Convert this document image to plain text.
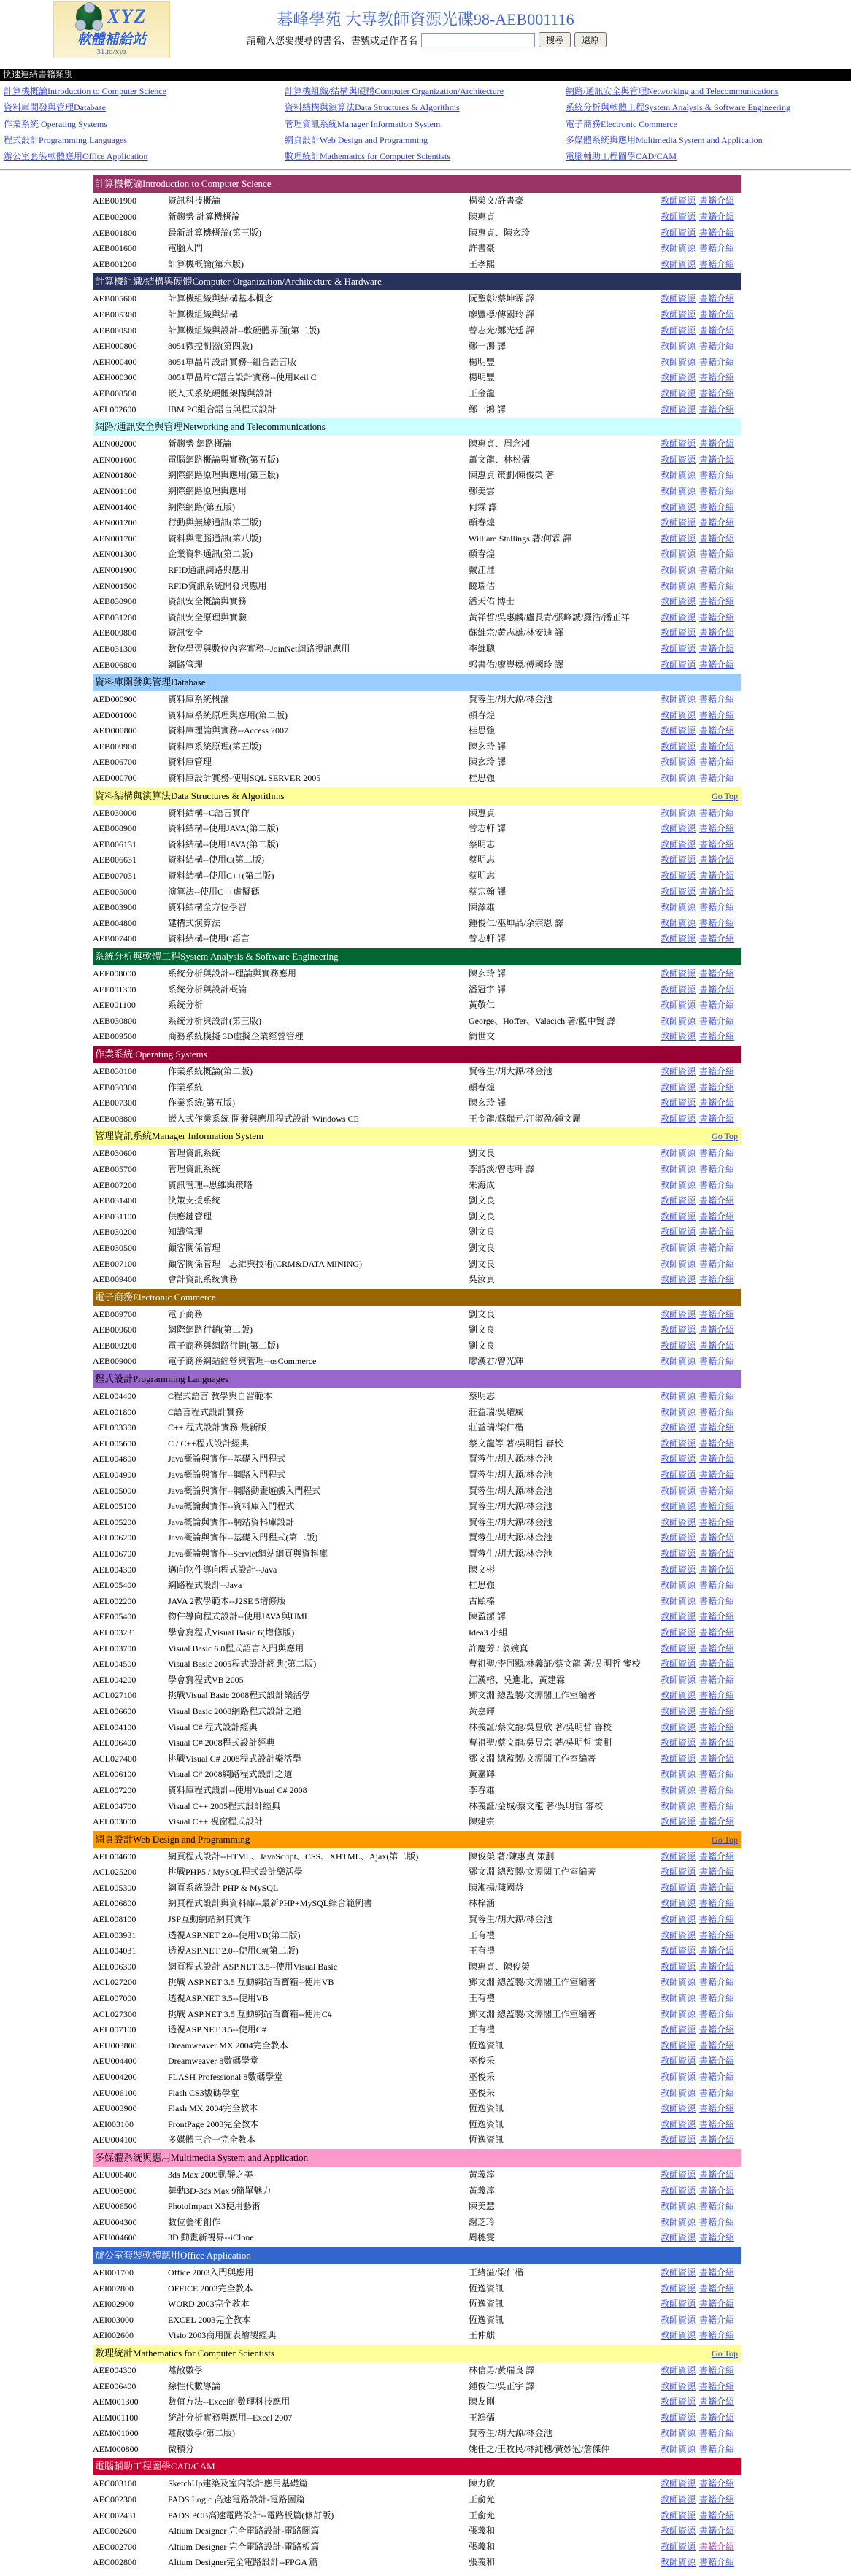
XYZ
軟體補給站
31.to/xyz
碁峰學苑 大專教師資源光碟98-AEB001116
請輸入您要搜尋的書名、書號或是作者名	搜尋	還原
快速連結書籍類別
計算機概論Introduction to Computer Science	計算機組織/結構與硬體Computer Organization/Architecture	網路/通訊安全與管理Networking and Telecommunications
資料庫開發與管理Database	資料結構與演算法Data Structures & Algorithms	系統分析與軟體工程System Analysis & Software Engineering
作業系統 Operating Systems	管理資訊系統Manager Information System	電子商務Electronic Commerce
程式設計Programming Languages	網頁設計Web Design and Programming	多媒體系統與應用Multimedia System and Application
辦公室套裝軟體應用Office Application	數理統計Mathematics for Computer Scientists	電腦輔助工程圖學CAD/CAM
計算機概論Introduction to Computer Science
AEB001900	資訊科技概論	楊榮文/許書豪	教師資源 書籍介紹
AEB002000	新趨勢 計算機概論	陳惠貞	教師資源 書籍介紹
AEB001800	最新計算機概論(第三版)	陳惠貞、陳玄玲	教師資源 書籍介紹
AEB001600	電腦入門	許書豪	教師資源 書籍介紹
AEB001200	計算機概論(第六版)	王孝熙	教師資源 書籍介紹
計算機組織/結構與硬體Computer Organization/Architecture & Hardware
AEB005600	計算機組織與結構基本概念	阮聖彰/蔡坤霖 譯	教師資源 書籍介紹
AEB005300	計算機組織與結構	廖豐標/傅國玲 譯	教師資源 書籍介紹
AEB000500	計算機組織與設計--軟硬體界面(第二版)	曾志光/鄭光廷 譯	教師資源 書籍介紹
AEH000800	8051微控制器(第四版)	鄭一鴻 譯	教師資源 書籍介紹
AEH000400	8051單晶片設計實務--組合語言版	楊明豐	教師資源 書籍介紹
AEH000300	8051單晶片C語言設計實務--使用Keil C	楊明豐	教師資源 書籍介紹
AEB008500	嵌入式系統硬體架構與設計	王金龍	教師資源 書籍介紹
AEL002600	IBM PC組合語言與程式設計	鄭一鴻 譯	教師資源 書籍介紹
網路/通訊安全與管理Networking and Telecommunications
AEN002000	新趨勢 網路概論	陳惠貞、周念湘	教師資源 書籍介紹
AEN001600	電腦網路概論與實務(第五版)	蕭文龍、林松儒	教師資源 書籍介紹
AEN001800	網際網路原理與應用(第三版)	陳惠貞 策劃/陳俊榮 著	教師資源 書籍介紹
AEN001100	網際網路原理與應用	鄭美雲	教師資源 書籍介紹
AEN001400	網際網路(第五版)	何霖 譯	教師資源 書籍介紹
AEN001200	行動與無線通訊(第三版)	顏春煌	教師資源 書籍介紹
AEN001700	資料與電腦通訊(第八版)	William Stallings 著/何霖 譯	教師資源 書籍介紹
AEN001300	企業資料通訊(第二版)	顏春煌	教師資源 書籍介紹
AEN001900	RFID通訊網路與應用	戴江淮	教師資源 書籍介紹
AEN001500	RFID資訊系統開發與應用	饒瑞佶	教師資源 書籍介紹
AEB030900	資訊安全概論與實務	潘天佑 博士	教師資源 書籍介紹
AEB031200	資訊安全原理與實驗	黃祥哲/吳惠麟/盧長青/張峰誠/羅浩/潘正祥	教師資源 書籍介紹
AEB009800	資訊安全	蘇維宗/黃志雄/林安迪 譯	教師資源 書籍介紹
AEB031300	數位學習與數位內容實務--JoinNet網路視訊應用	李維聰	教師資源 書籍介紹
AEB006800	網路管理	郭書佑/廖豐標/傅國玲 譯	教師資源 書籍介紹
資料庫開發與管理Database
AED000900	資料庫系統概論	賈蓉生/胡大源/林金池	教師資源 書籍介紹
AED001000	資料庫系統原理與應用(第二版)	顏春煌	教師資源 書籍介紹
AED000800	資料庫理論與實務--Access 2007	桂思強	教師資源 書籍介紹
AEB009900	資料庫系統原理(第五版)	陳玄玲 譯	教師資源 書籍介紹
AEB006700	資料庫管理	陳玄玲 譯	教師資源 書籍介紹
AED000700	資料庫設計實務-使用SQL SERVER 2005	桂思強	教師資源 書籍介紹
資料結構與演算法Data Structures & Algorithms	Go Top
AEB030000	資料結構--C語言實作	陳惠貞	教師資源 書籍介紹
AEB008900	資料結構--使用JAVA(第二版)	曾志軒 譯	教師資源 書籍介紹
AEB006131	資料結構--使用JAVA(第二版)	蔡明志	教師資源 書籍介紹
AEB006631	資料結構--使用C(第二版)	蔡明志	教師資源 書籍介紹
AEB007031	資料結構--使用C++(第二版)	蔡明志	教師資源 書籍介紹
AEB005000	演算法--使用C++虛擬碼	蔡宗翰 譯	教師資源 書籍介紹
AEB003900	資料結構全方位學習	陳澤雄	教師資源 書籍介紹
AEB004800	建構式演算法	鍾俊仁/巫坤品/余宗恩 譯	教師資源 書籍介紹
AEB007400	資料結構--使用C語言	曾志軒 譯	教師資源 書籍介紹
系統分析與軟體工程System Analysis & Software Engineering
AEE008000	系統分析與設計--理論與實務應用	陳玄玲 譯	教師資源 書籍介紹
AEE001300	系統分析與設計概論	潘冠宇 譯	教師資源 書籍介紹
AEE001100	系統分析	黃敬仁	教師資源 書籍介紹
AEB030800	系統分析與設計(第三版)	George、Hoffer、Valacich 著/藍中賢 譯	教師資源 書籍介紹
AEB009500	商務系統模擬 3D虛擬企業經營管理	簡世文	教師資源 書籍介紹
作業系統 Operating Systems
AEB030100	作業系統概論(第二版)	賈蓉生/胡大源/林金池	教師資源 書籍介紹
AEB030300	作業系統	顏春煌	教師資源 書籍介紹
AEB007300	作業系統(第五版)	陳玄玲 譯	教師資源 書籍介紹
AEB008800	嵌入式作業系統 開發與應用程式設計 Windows CE	王金龍/蘇瑞元/江淑盈/鍾文麗	教師資源 書籍介紹
管理資訊系統Manager Information System	Go Top
AEB030600	管理資訊系統	劉文良	教師資源 書籍介紹
AEB005700	管理資訊系統	李詩淡/曾志軒 譯	教師資源 書籍介紹
AEB007200	資訊管理--思維與策略	朱海成	教師資源 書籍介紹
AEB031400	決策支援系統	劉文良	教師資源 書籍介紹
AEB031100	供應鏈管理	劉文良	教師資源 書籍介紹
AEB030200	知識管理	劉文良	教師資源 書籍介紹
AEB030500	顧客關係管理	劉文良	教師資源 書籍介紹
AEB007100	顧客關係管理—思維與技術(CRM&DATA MINING)	劉文良	教師資源 書籍介紹
AEB009400	會計資訊系統實務	吳汝貞	教師資源 書籍介紹
電子商務Electronic Commerce
AEB009700	電子商務	劉文良	教師資源 書籍介紹
AEB009600	網際網路行銷(第二版)	劉文良	教師資源 書籍介紹
AEB009200	電子商務與網路行銷(第二版)	劉文良	教師資源 書籍介紹
AEB009000	電子商務網站經營與管理--osCommerce	廖漢君/曾光輝	教師資源 書籍介紹
程式設計Programming Languages
AEL004400	C程式語言 教學與自習範本	蔡明志	教師資源 書籍介紹
AEL001800	C語言程式設計實務	莊益瑞/吳耀威	教師資源 書籍介紹
AEL003300	C++ 程式設計實務 最新版	莊益瑞/梁仁楷	教師資源 書籍介紹
AEL005600	C / C++程式設計經典	蔡文龍等 著/吳明哲 審校	教師資源 書籍介紹
AEL004800	Java概論與實作--基礎入門程式	賈蓉生/胡大源/林金池	教師資源 書籍介紹
AEL004900	Java概論與實作--網路入門程式	賈蓉生/胡大源/林金池	教師資源 書籍介紹
AEL005000	Java概論與實作--網路動畫遊戲入門程式	賈蓉生/胡大源/林金池	教師資源 書籍介紹
AEL005100	Java概論與實作--資料庫入門程式	賈蓉生/胡大源/林金池	教師資源 書籍介紹
AEL005200	Java概論與實作--網站資料庫設計	賈蓉生/胡大源/林金池	教師資源 書籍介紹
AEL006200	Java概論與實作--基礎入門程式(第二版)	賈蓉生/胡大源/林金池	教師資源 書籍介紹
AEL006700	Java概論與實作--Servlet網站網頁與資料庫	賈蓉生/胡大源/林金池	教師資源 書籍介紹
AEL004300	邁向物件導向程式設計--Java	陳文彬	教師資源 書籍介紹
AEL005400	網路程式設計--Java	桂思強	教師資源 書籍介紹
AEL002200	JAVA 2教學範本--J2SE 5增修版	古頤榛	教師資源 書籍介紹
AEE005400	物件導向程式設計--使用JAVA與UML	陳盈潔 譯	教師資源 書籍介紹
AEL003231	學會寫程式Visual Basic 6(增修版)	Idea3 小組	教師資源 書籍介紹
AEL003700	Visual Basic 6.0程式語言入門與應用	許慶芳 / 翁婉真	教師資源 書籍介紹
AEL004500	Visual Basic 2005程式設計經典(第二版)	曹祖聖/李同顯/林義証/蔡文龍 著/吳明哲 審校	教師資源 書籍介紹
AEL004200	學會寫程式VB 2005	江漢榕、吳進北、黃建霖	教師資源 書籍介紹
ACL027100	挑戰Visual Basic 2008程式設計樂活學	鄧文淵 總監製/文淵閣工作室編著	教師資源 書籍介紹
AEL006600	Visual Basic 2008網路程式設計之道	黃嘉輝	教師資源 書籍介紹
AEL004100	Visual C# 程式設計經典	林義証/蔡文龍/吳昱欣 著/吳明哲 審校	教師資源 書籍介紹
AEL006400	Visual C# 2008程式設計經典	曹祖聖/蔡文龍/吳昱宗 著/吳明哲 策劃	教師資源 書籍介紹
ACL027400	挑戰Visual C# 2008程式設計樂活學	鄧文淵 總監製/文淵閣工作室編著	教師資源 書籍介紹
AEL006100	Visual C# 2008網路程式設計之道	黃嘉輝	教師資源 書籍介紹
AEL007200	資料庫程式設計--使用Visual C# 2008	李春雄	教師資源 書籍介紹
AEL004700	Visual C++ 2005程式設計經典	林義証/金城/蔡文龍 著/吳明哲 審校	教師資源 書籍介紹
AEL003000	Visual C++ 視窗程式設計	陳建宗	教師資源 書籍介紹
網頁設計Web Design and Programming	Go Top
AEL004600	網頁程式設計--HTML、JavaScript、CSS、XHTML、Ajax(第二版)	陳俊榮 著/陳惠貞 策劃	教師資源 書籍介紹
ACL025200	挑戰PHP5 / MySQL程式設計樂活學	鄧文淵 總監製/文淵閣工作室編著	教師資源 書籍介紹
AEL005300	網頁系統設計 PHP & MySQL	陳湘揚/陳國益	教師資源 書籍介紹
AEL006800	網頁程式設計與資料庫--最新PHP+MySQL綜合範例書	林梓涵	教師資源 書籍介紹
AEL008100	JSP互動網站網頁實作	賈蓉生/胡大源/林金池	教師資源 書籍介紹
AEL003931	透視ASP.NET 2.0--使用VB(第二版)	王有禮	教師資源 書籍介紹
AEL004031	透視ASP.NET 2.0--使用C#(第二版)	王有禮	教師資源 書籍介紹
AEL006300	網頁程式設計 ASP.NET 3.5--使用Visual Basic	陳惠貞、陳俊榮	教師資源 書籍介紹
ACL027200	挑戰 ASP.NET 3.5 互動網站百寶箱--使用VB	鄧文淵 總監製/文淵閣工作室編著	教師資源 書籍介紹
AEL007000	透視ASP.NET 3.5--使用VB	王有禮	教師資源 書籍介紹
ACL027300	挑戰 ASP.NET 3.5 互動網站百寶箱--使用C#	鄧文淵 總監製/文淵閣工作室編著	教師資源 書籍介紹
AEL007100	透視ASP.NET 3.5--使用C#	王有禮	教師資源 書籍介紹
AEU003800	Dreamweaver MX 2004完全教本	恆逸資訊	教師資源 書籍介紹
AEU004400	Dreamweaver 8數碼學堂	巫俊采	教師資源 書籍介紹
AEU004200	FLASH Professional 8數碼學堂	巫俊采	教師資源 書籍介紹
AEU006100	Flash CS3數碼學堂	巫俊采	教師資源 書籍介紹
AEU003900	Flash MX 2004完全教本	恆逸資訊	教師資源 書籍介紹
AEI003100	FrontPage 2003完全教本	恆逸資訊	教師資源 書籍介紹
AEU004100	多媒體三合一完全教本	恆逸資訊	教師資源 書籍介紹
多媒體系統與應用Multimedia System and Application
AEU006400	3ds Max 2009動靜之美	黃義淳	教師資源 書籍介紹
AEU005000	舞動3D-3ds Max 9簡單魅力	黃義淳	教師資源 書籍介紹
AEU006500	PhotoImpact X3使用藝術	陳美慧	教師資源 書籍介紹
AEU004300	數位藝術創作	謝芝玲	教師資源 書籍介紹
AEU004600	3D 動畫新視界--iClone	周穗雯	教師資源 書籍介紹
辦公室套裝軟體應用Office Application
AEI001700	Office 2003入門與應用	王緒溢/梁仁楷	教師資源 書籍介紹
AEI002800	OFFICE 2003完全教本	恆逸資訊	教師資源 書籍介紹
AEI002900	WORD 2003完全教本	恆逸資訊	教師資源 書籍介紹
AEI003000	EXCEL 2003完全教本	恆逸資訊	教師資源 書籍介紹
AEI002600	Visio 2003商用圖表繪製經典	王仲麒	教師資源 書籍介紹
數理統計Mathematics for Computer Scientists	Go Top
AEE004300	離散數學	林信男/黃瑞良 譯	教師資源 書籍介紹
AEE006400	線性代數導論	鍾俊仁/吳正宇 譯	教師資源 書籍介紹
AEM001300	數值方法--Excel的數理科技應用	陳友剛	教師資源 書籍介紹
AEM001100	統計分析實務與應用--Excel 2007	王鴻儒	教師資源 書籍介紹
AEM001000	離散數學(第二版)	賈蓉生/胡大源/林金池	教師資源 書籍介紹
AEM000800	微積分	姚任之/王牧民/林純穗/黃妙冠/詹傑仲	教師資源 書籍介紹
電腦輔助工程圖學CAD/CAM
AEC003100	SketchUp建築及室內設計應用基礎篇	陳力欣	教師資源 書籍介紹
AEC002300	PADS Logic 高速電路設計-電路圖篇	王俞允	教師資源 書籍介紹
AEC002431	PADS PCB高速電路設計--電路板篇(修訂版)	王俞允	教師資源 書籍介紹
AEC002600	Altium Designer 完全電路設計-電路圖篇	張義和	教師資源 書籍介紹
AEC002700	Altium Designer 完全電路設計-電路板篇	張義和	教師資源 書籍介紹
AEC002800	Altium Designer完全電路設計--FPGA 篇	張義和	教師資源 書籍介紹
